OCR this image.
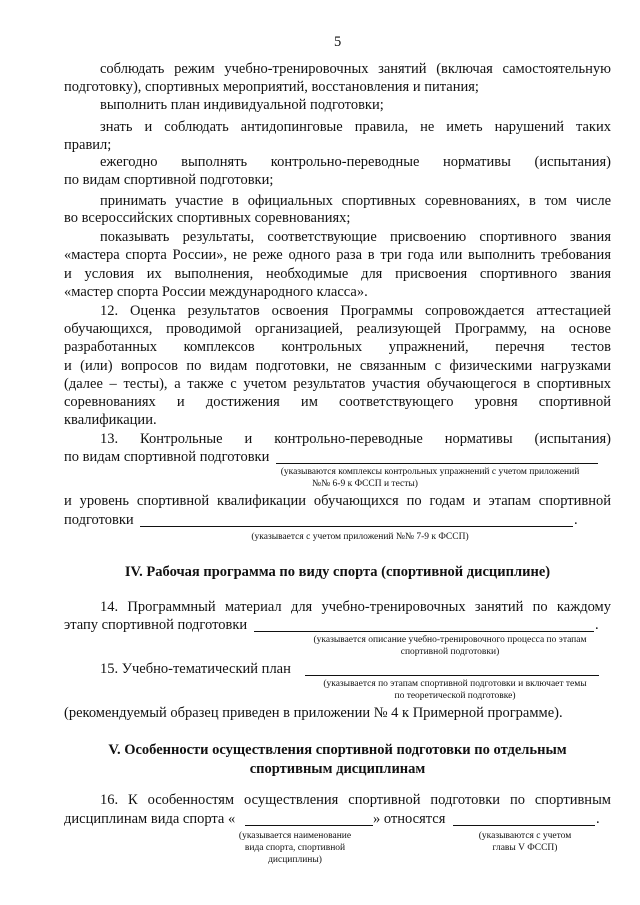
5
соблюдать режим учебно-тренировочных занятий (включая самостоятельную
подготовку), спортивных мероприятий, восстановления и питания;
выполнить план индивидуальной подготовки;
знать и соблюдать антидопинговые правила, не иметь нарушений таких
правил;
ежегодно выполнять контрольно-переводные нормативы (испытания)
по видам спортивной подготовки;
принимать участие в официальных спортивных соревнованиях, в том числе
во всероссийских спортивных соревнованиях;
показывать результаты, соответствующие присвоению спортивного звания
«мастера спорта России», не реже одного раза в три года или выполнить требования
и условия их выполнения, необходимые для присвоения спортивного звания
«мастер спорта России международного класса».
12. Оценка результатов освоения Программы сопровождается аттестацией
обучающихся, проводимой организацией, реализующей Программу, на основе
разработанных комплексов контрольных упражнений, перечня тестов
и (или) вопросов по видам подготовки, не связанным с физическими нагрузками
(далее – тесты), а также с учетом результатов участия обучающегося в спортивных
соревнованиях и достижения им соответствующего уровня спортивной
квалификации.
13. Контрольные и контрольно-переводные нормативы (испытания)
по видам спортивной подготовки
(указываются комплексы контрольных упражнений с учетом приложений
№№ 6-9 к ФССП и тесты)
и уровень спортивной квалификации обучающихся по годам и этапам спортивной
подготовки	.
(указывается с учетом приложений №№ 7-9 к ФССП)
IV. Рабочая программа по виду спорта (спортивной дисциплине)
14. Программный материал для учебно-тренировочных занятий по каждому
этапу спортивной подготовки	.
(указывается описание учебно-тренировочного процесса по этапам
спортивной подготовки)
15. Учебно-тематический план
(указывается по этапам спортивной подготовки и включает темы
по теоретической подготовке)
(рекомендуемый образец приведен в приложении № 4 к Примерной программе).
V. Особенности осуществления спортивной подготовки по отдельным
спортивным дисциплинам
16. К особенностям осуществления спортивной подготовки по спортивным
дисциплинам вида спорта «	» относятся	.
(указывается наименование
вида спорта, спортивной
дисциплины)
(указываются с учетом
главы V ФССП)
